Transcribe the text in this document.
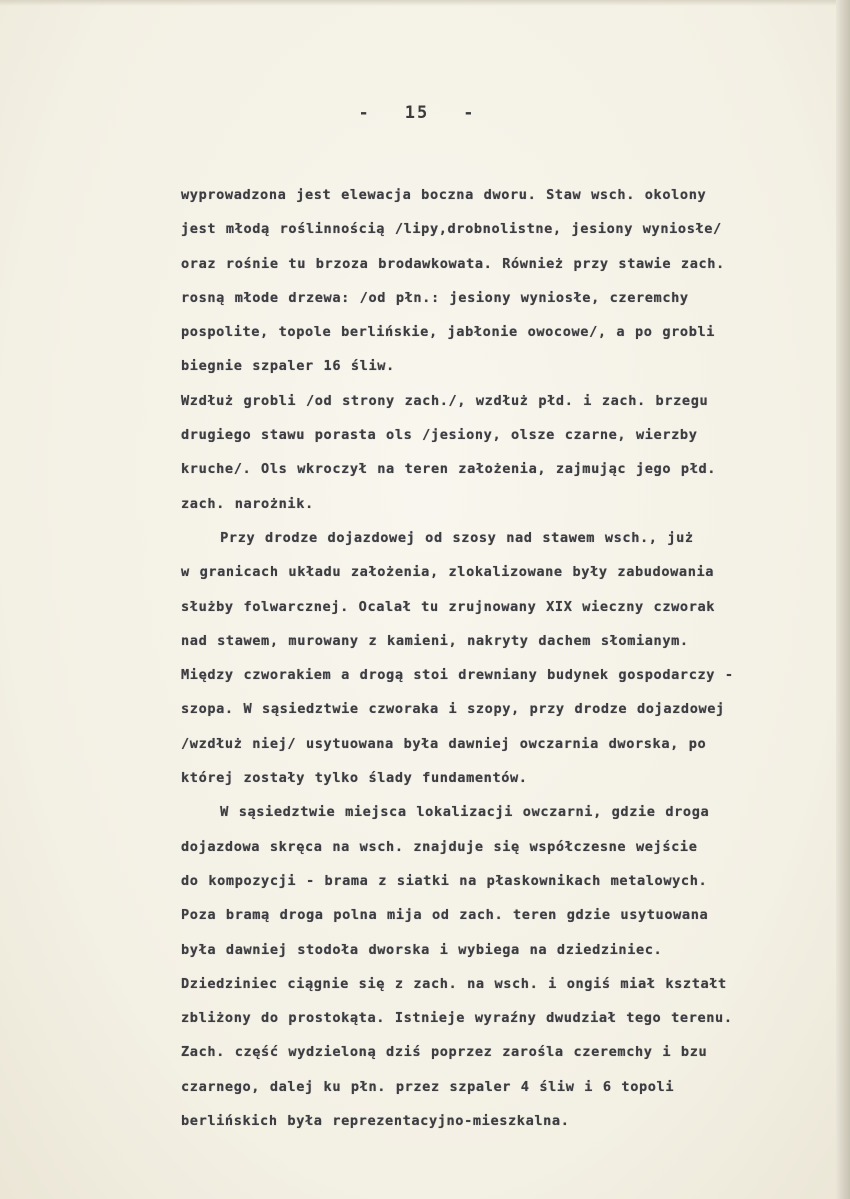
- 15 -
wyprowadzona jest elewacja boczna dworu. Staw wsch. okolony
jest młodą roślinnością /lipy,drobnolistne, jesiony wyniosłe/
oraz rośnie tu brzoza brodawkowata. Również przy stawie zach.
rosną młode drzewa: /od płn.: jesiony wyniosłe, czeremchy
pospolite, topole berlińskie, jabłonie owocowe/, a po grobli
biegnie szpaler 16 śliw.
Wzdłuż grobli /od strony zach./, wzdłuż płd. i zach. brzegu
drugiego stawu porasta ols /jesiony, olsze czarne, wierzby
kruche/. Ols wkroczył na teren założenia, zajmując jego płd.
zach. narożnik.
Przy drodze dojazdowej od szosy nad stawem wsch., już
w granicach układu założenia, zlokalizowane były zabudowania
służby folwarcznej. Ocalał tu zrujnowany XIX wieczny czworak
nad stawem, murowany z kamieni, nakryty dachem słomianym.
Między czworakiem a drogą stoi drewniany budynek gospodarczy -
szopa. W sąsiedztwie czworaka i szopy, przy drodze dojazdowej
/wzdłuż niej/ usytuowana była dawniej owczarnia dworska, po
której zostały tylko ślady fundamentów.
W sąsiedztwie miejsca lokalizacji owczarni, gdzie droga
dojazdowa skręca na wsch. znajduje się współczesne wejście
do kompozycji - brama z siatki na płaskownikach metalowych.
Poza bramą droga polna mija od zach. teren gdzie usytuowana
była dawniej stodoła dworska i wybiega na dziedziniec.
Dziedziniec ciągnie się z zach. na wsch. i ongiś miał kształt
zbliżony do prostokąta. Istnieje wyraźny dwudział tego terenu.
Zach. część wydzieloną dziś poprzez zarośla czeremchy i bzu
czarnego, dalej ku płn. przez szpaler 4 śliw i 6 topoli
berlińskich była reprezentacyjno-mieszkalna.
